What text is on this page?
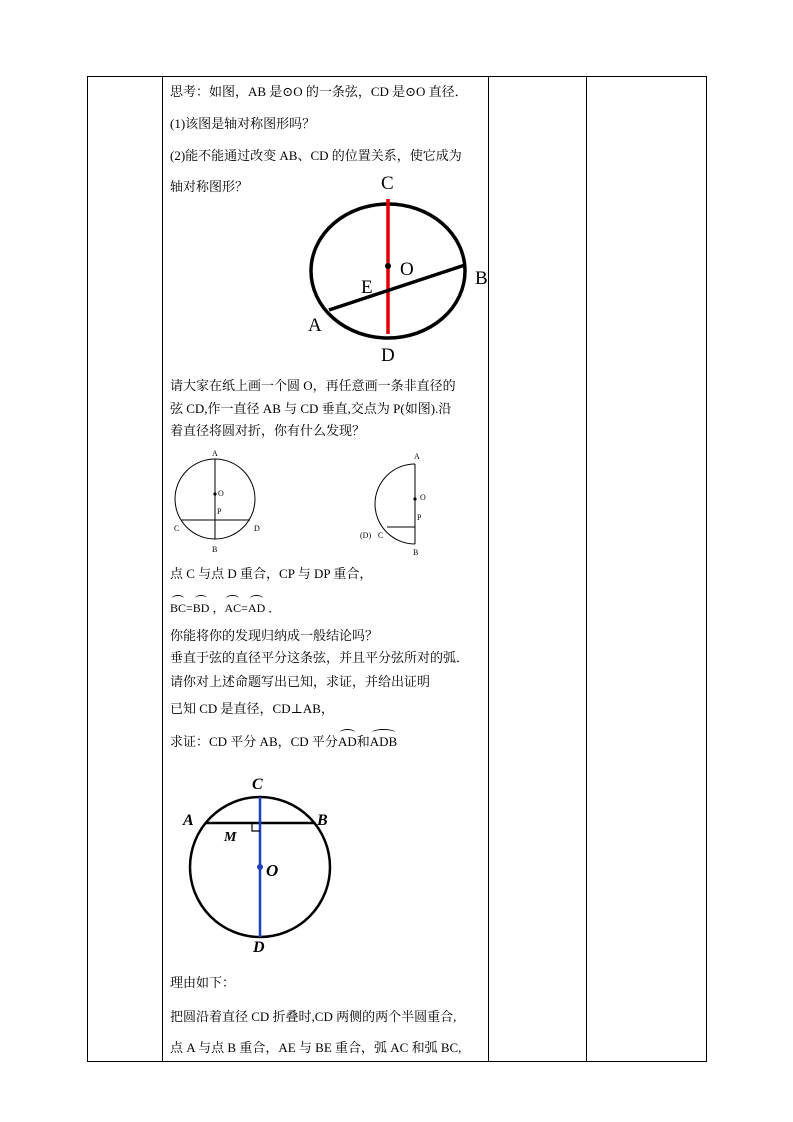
思考：如图，AB 是⊙O 的一条弦，CD 是⊙O 直径．
(1)该图是轴对称图形吗？
(2)能不能通过改变 AB、CD 的位置关系，使它成为
轴对称图形？	C
D
A
B
E
O
请大家在纸上画一个圆 O，再任意画一条非直径的
弦 CD,作一直径 AB 与 CD 垂直,交点为 P(如图).沿
着直径将圆对折，你有什么发现？
A
O
P
C	D
B
A
O
P
C
(D)
B
点 C 与点 D 重合，CP 与 DP 重合，
BC=BD ，AC=AD ．
你能将你的发现归纳成一般结论吗？
垂直于弦的直径平分这条弦，并且平分弦所对的弧．
请你对上述命题写出已知，求证，并给出证明
已知 CD 是直径，CD⊥AB，
求证：CD 平分 AB，CD 平分AD和ADB
C
A	B
M
O
D
理由如下：
把圆沿着直径 CD 折叠时,CD 两侧的两个半圆重合,
点 A 与点 B 重合，AE 与 BE 重合，弧 AC 和弧 BC,
